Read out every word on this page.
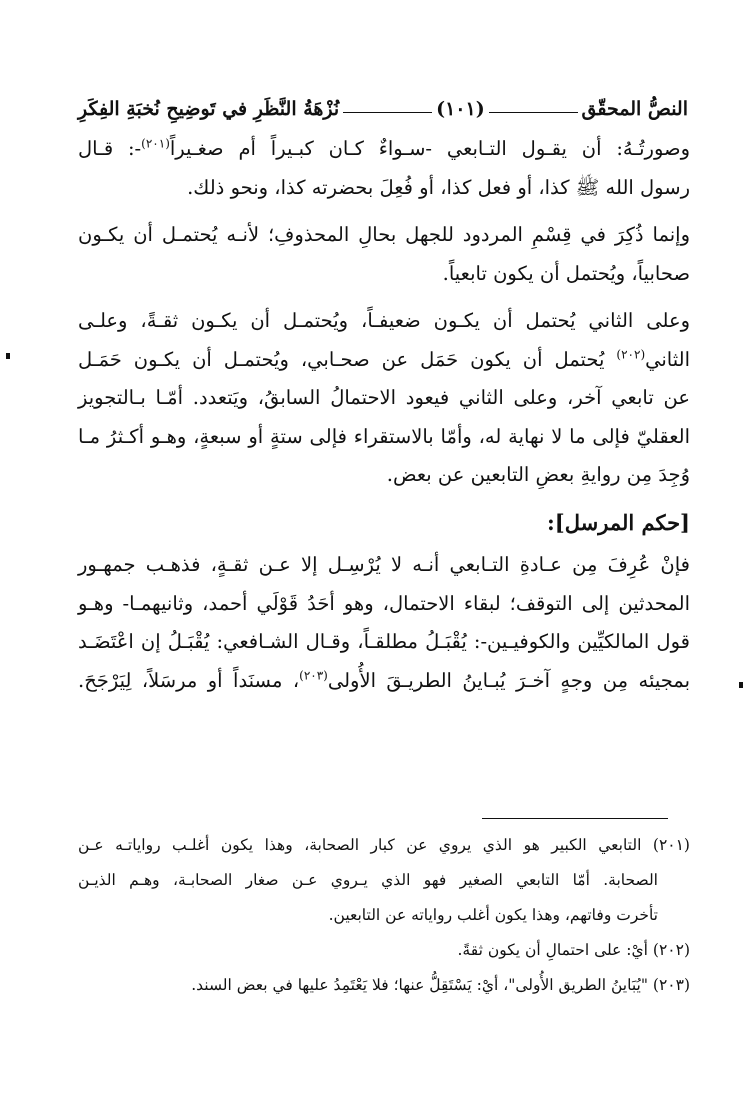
النصُّ المحقّق
(١٠١)
نُزْهَةُ النَّظَرِ في تَوضِيحِ نُخبَةِ الفِكَرِ

وصورتُـهُ: أن يقـول التـابعي -سـواءٌ كـان كبـيراً أم صغـيراً$^{(٢٠١)}$-: قـال
رسول الله ﷺ كذا، أو فعل كذا، أو فُعِلَ بحضرته كذا، ونحو ذلك.

وإنما ذُكِرَ في قِسْمِ المردود للجهل بحالِ المحذوفِ؛ لأنـه يُحتمـل أن يكـون
صحابياً، ويُحتمل أن يكون تابعياً.

وعلى الثاني يُحتمل أن يكـون ضعيفـاً، ويُحتمـل أن يكـون ثقـةً، وعلـى
الثاني$^{(٢٠٢)}$ يُحتمل أن يكون حَمَل عن صحـابي، ويُحتمـل أن يكـون حَمَـل
عن تابعي آخر، وعلى الثاني فيعود الاحتمالُ السابقُ، ويَتعدد. أمّـا بـالتجويز
العقليّ فإلى ما لا نهاية له، وأمّا بالاستقراء فإلى ستةٍ أو سبعةٍ، وهـو أكـثرُ مـا
وُجِدَ مِن روايةِ بعضِ التابعين عن بعض.

[حكم المرسل]:

فإنْ عُرِفَ مِن عـادةِ التـابعي أنـه لا يُرْسِـل إلا عـن ثقـةٍ، فذهـب جمهـور
المحدثين إلى التوقف؛ لبقاء الاحتمال، وهو أحَدُ قَوْلَي أحمد، وثانيهمـا- وهـو
قول المالكيِّين والكوفيـين-: يُقْبَـلُ مطلقـاً، وقـال الشـافعي: يُقْبَـلُ إن اعْتَضَـد
بمجيئه مِن وجهٍ آخـرَ يُبـاينُ الطريـقَ الأُولى$^{(٢٠٣)}$، مسنَداً أو مرسَلاً، لِيَرْجَحَ.

(٢٠١) التابعي الكبير هو الذي يروي عن كبار الصحابة، وهذا يكون أغلـب رواياتـه عـن
الصحابة. أمّا التابعي الصغير فهو الذي يـروي عـن صغار الصحابـة، وهـم الذيـن
تأخرت وفاتهم، وهذا يكون أغلب رواياته عن التابعين.
(٢٠٢) أيْ: على احتمالِ أن يكون ثقةً.
(٢٠٣) "يُبَاينُ الطريق الأُولى"، أيْ: يَسْتَقِلُّ عنها؛ فلا يَعْتَمِدُ عليها في بعض السند.
